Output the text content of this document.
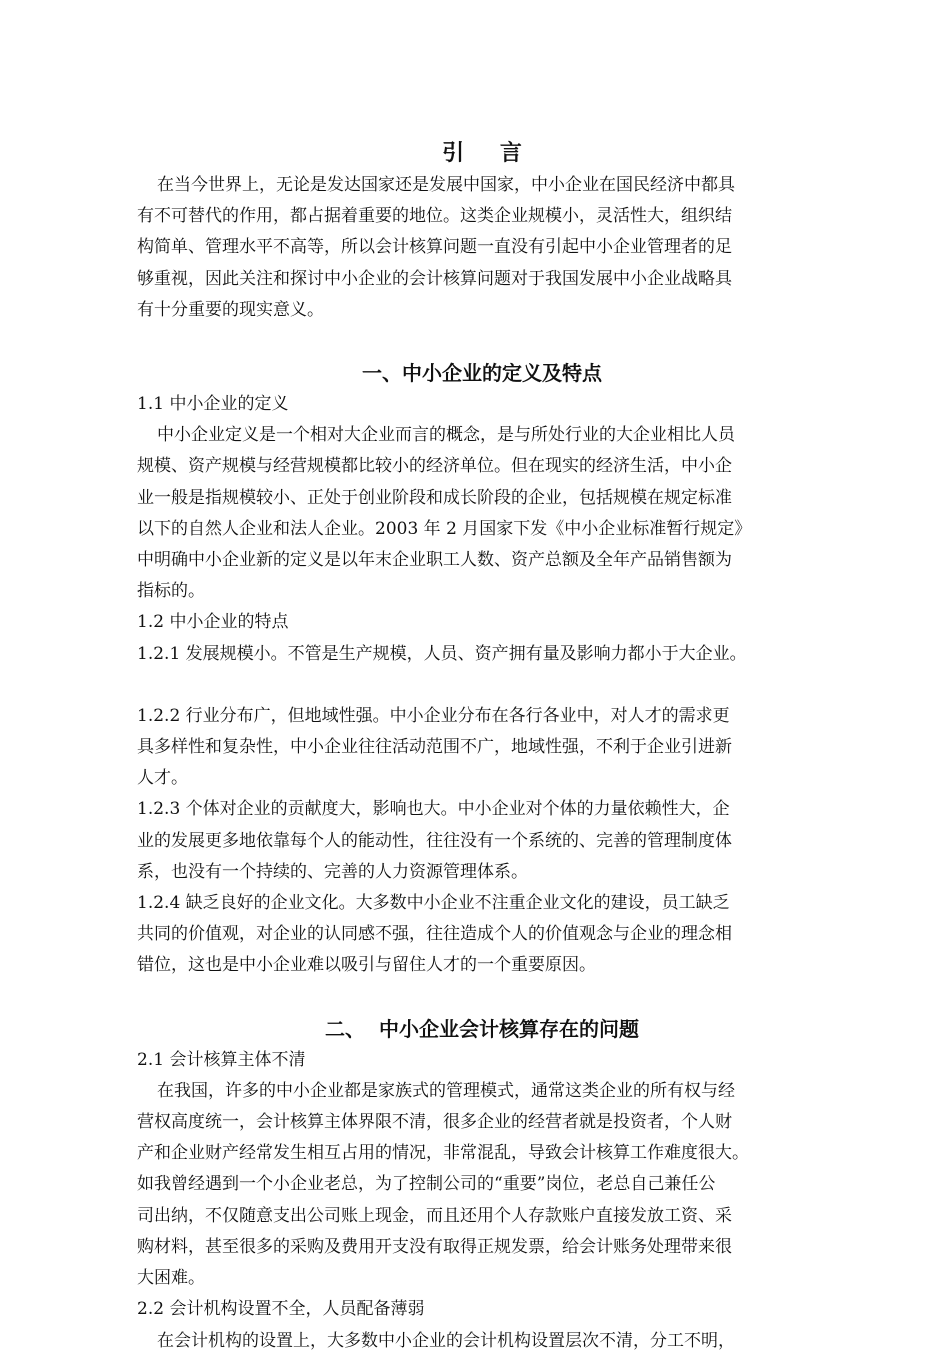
引 言
在当今世界上，无论是发达国家还是发展中国家，中小企业在国民经济中都具
有不可替代的作用，都占据着重要的地位。这类企业规模小，灵活性大，组织结
构简单、管理水平不高等，所以会计核算问题一直没有引起中小企业管理者的足
够重视，因此关注和探讨中小企业的会计核算问题对于我国发展中小企业战略具
有十分重要的现实意义。
一、中小企业的定义及特点
1.1 中小企业的定义
中小企业定义是一个相对大企业而言的概念，是与所处行业的大企业相比人员
规模、资产规模与经营规模都比较小的经济单位。但在现实的经济生活，中小企
业一般是指规模较小、正处于创业阶段和成长阶段的企业，包括规模在规定标准
以下的自然人企业和法人企业。2003 年 2 月国家下发《中小企业标准暂行规定》
中明确中小企业新的定义是以年末企业职工人数、资产总额及全年产品销售额为
指标的。
1.2 中小企业的特点
1.2.1 发展规模小。不管是生产规模，人员、资产拥有量及影响力都小于大企业。
1.2.2 行业分布广，但地域性强。中小企业分布在各行各业中，对人才的需求更
具多样性和复杂性，中小企业往往活动范围不广，地域性强，不利于企业引进新
人才。
1.2.3 个体对企业的贡献度大，影响也大。中小企业对个体的力量依赖性大，企
业的发展更多地依靠每个人的能动性，往往没有一个系统的、完善的管理制度体
系，也没有一个持续的、完善的人力资源管理体系。
1.2.4 缺乏良好的企业文化。大多数中小企业不注重企业文化的建设，员工缺乏
共同的价值观，对企业的认同感不强，往往造成个人的价值观念与企业的理念相
错位，这也是中小企业难以吸引与留住人才的一个重要原因。
二、  中小企业会计核算存在的问题
2.1 会计核算主体不清
在我国，许多的中小企业都是家族式的管理模式，通常这类企业的所有权与经
营权高度统一，会计核算主体界限不清，很多企业的经营者就是投资者，个人财
产和企业财产经常发生相互占用的情况，非常混乱，导致会计核算工作难度很大。
如我曾经遇到一个小企业老总，为了控制公司的“重要”岗位，老总自己兼任公
司出纳，不仅随意支出公司账上现金，而且还用个人存款账户直接发放工资、采
购材料，甚至很多的采购及费用开支没有取得正规发票，给会计账务处理带来很
大困难。
2.2 会计机构设置不全，人员配备薄弱
在会计机构的设置上，大多数中小企业的会计机构设置层次不清，分工不明，
